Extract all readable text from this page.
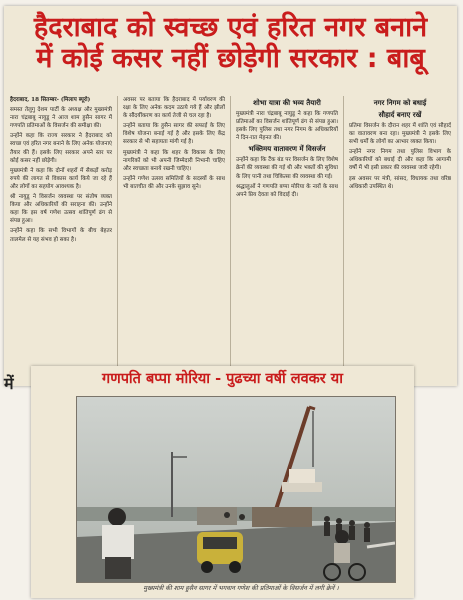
हैदराबाद को स्वच्छ एवं हरित नगर बनाने
में कोई कसर नहीं छोड़ेगी सरकार : बाबू

हैदराबाद, 18 सितम्बर- (मिलाप ब्यूरो)

समस्त तेलुगु देशम पार्टी के अध्यक्ष और मुख्यमंत्री नारा चंद्रबाबू नायुडू ने आज शाम हुसैन सागर में गणपति प्रतिमाओं के विसर्जन की समीक्षा की।

उन्होंने कहा कि राज्य सरकार ने हैदराबाद को स्वच्छ एवं हरित नगर बनाने के लिए अनेक योजनाएं तैयार की हैं। इसके लिए सरकार अपने स्तर पर कोई कसर नहीं छोड़ेगी।

मुख्यमंत्री ने कहा कि दोनों शहरों में सैकड़ों करोड़ रुपये की लागत से विकास कार्य किये जा रहे हैं और लोगों का सहयोग आवश्यक है।

श्री नायुडू ने विसर्जन व्यवस्था पर संतोष व्यक्त किया और अधिकारियों की सराहना की। उन्होंने कहा कि इस वर्ष गणेश उत्सव शांतिपूर्ण ढंग से संपन्न हुआ।

उन्होंने कहा कि सभी विभागों के बीच बेहतर तालमेल से यह संभव हो सका है।

अवसर पर बताया कि हैदराबाद में पर्यावरण की रक्षा के लिए अनेक कदम उठाये गये हैं और झीलों के सौंदर्यीकरण का कार्य तेजी से चल रहा है।

उन्होंने बताया कि हुसैन सागर की सफाई के लिए विशेष योजना बनाई गई है और इसके लिए केंद्र सरकार से भी सहायता मांगी गई है।

मुख्यमंत्री ने कहा कि शहर के विकास के लिए नागरिकों को भी अपनी जिम्मेदारी निभानी चाहिए और स्वच्छता बनाये रखनी चाहिए।

उन्होंने गणेश उत्सव समितियों के सदस्यों के साथ भी बातचीत की और उनके सुझाव सुने।

शोभा यात्रा की भव्य तैयारी

मुख्यमंत्री नारा चंद्रबाबू नायुडू ने कहा कि गणपति प्रतिमाओं का विसर्जन शांतिपूर्ण ढंग से संपन्न हुआ। इसके लिए पुलिस तथा नगर निगम के अधिकारियों ने दिन-रात मेहनत की।

भक्तिमय वातावरण में विसर्जन

उन्होंने कहा कि टैंक बंड पर विसर्जन के लिए विशेष क्रेनों की व्यवस्था की गई थी और भक्तों की सुविधा के लिए पानी तथा चिकित्सा की व्यवस्था की गई।

श्रद्धालुओं ने गणपति बप्पा मोरिया के नारों के साथ अपने प्रिय देवता को विदाई दी।

नगर निगम को बधाई
सौहार्द बनाए रखें

प्रतिमा विसर्जन के दौरान शहर में शांति एवं सौहार्द का वातावरण बना रहा। मुख्यमंत्री ने इसके लिए सभी धर्मों के लोगों का आभार व्यक्त किया।

उन्होंने नगर निगम तथा पुलिस विभाग के अधिकारियों को बधाई दी और कहा कि आगामी वर्षों में भी इसी प्रकार की व्यवस्था जारी रहेगी।

इस अवसर पर मंत्री, सांसद, विधायक तथा वरिष्ठ अधिकारी उपस्थित थे।

में	गणपति बप्पा मोरिया - पुढच्या वर्षी लवकर या
मुख्यमंत्री की शाम हुसैन सागर में भगवान गणेश की प्रतिमाओं के विसर्जन में लगी क्रेनें ।
